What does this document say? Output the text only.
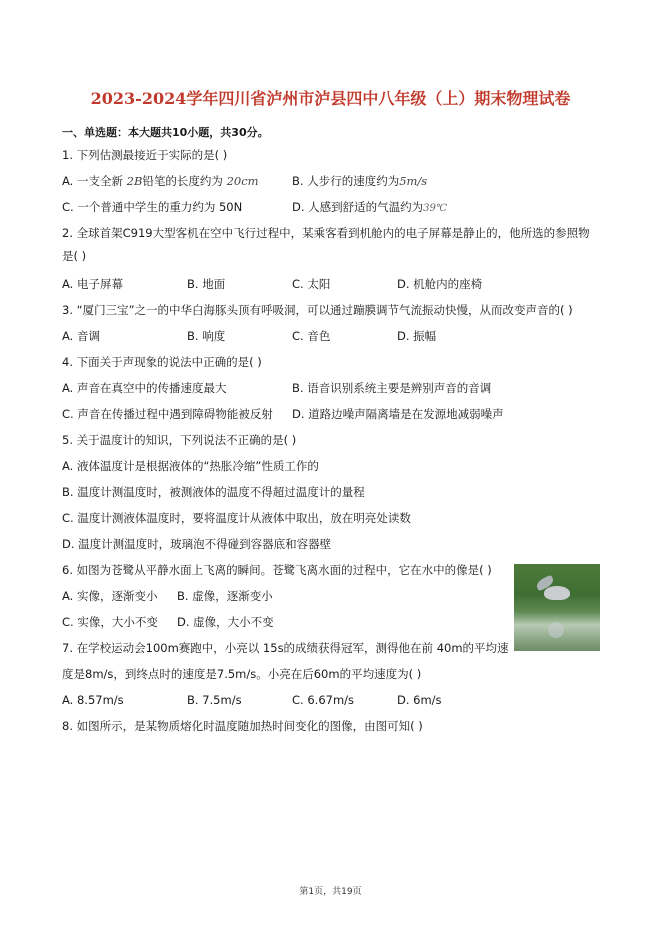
2023-2024学年四川省泸州市泸县四中八年级（上）期末物理试卷
一、单选题：本大题共10小题，共30分。
1. 下列估测最接近于实际的是( )
A. 一支全新 2B铅笔的长度约为 20cm	B. 人步行的速度约为5m/s
C. 一个普通中学生的重力约为 50N	D. 人感到舒适的气温约为39℃
2. 全球首架C919大型客机在空中飞行过程中，某乘客看到机舱内的电子屏幕是静止的，他所选的参照物
是( )
A. 电子屏幕	B. 地面	C. 太阳	D. 机舱内的座椅
3. “厦门三宝”之一的中华白海豚头顶有呼吸洞，可以通过蹦膜调节气流振动快慢，从而改变声音的( )
A. 音调	B. 响度	C. 音色	D. 振幅
4. 下面关于声现象的说法中正确的是( )
A. 声音在真空中的传播速度最大	B. 语音识别系统主要是辨别声音的音调
C. 声音在传播过程中遇到障碍物能被反射 D. 道路边噪声隔离墙是在发源地减弱噪声
5. 关于温度计的知识，下列说法不正确的是( )
A. 液体温度计是根据液体的“热胀冷缩”性质工作的
B. 温度计测温度时，被测液体的温度不得超过温度计的量程
C. 温度计测液体温度时，要将温度计从液体中取出，放在明亮处读数
D. 温度计测温度时，玻璃泡不得碰到容器底和容器壁
6. 如图为苍鹭从平静水面上飞离的瞬间。苍鹭飞离水面的过程中，它在水中的像是( )
A. 实像，逐渐变小 B. 虚像，逐渐变小
C. 实像，大小不变 D. 虚像，大小不变
7. 在学校运动会100m赛跑中，小亮以 15s的成绩获得冠军，测得他在前 40m的平均速
度是8m/s，到终点时的速度是7.5m/s。小亮在后60m的平均速度为( )
A. 8.57m/s	B. 7.5m/s	C. 6.67m/s	D. 6m/s
8. 如图所示，是某物质熔化时温度随加热时间变化的图像，由图可知( )
第1页，共19页
